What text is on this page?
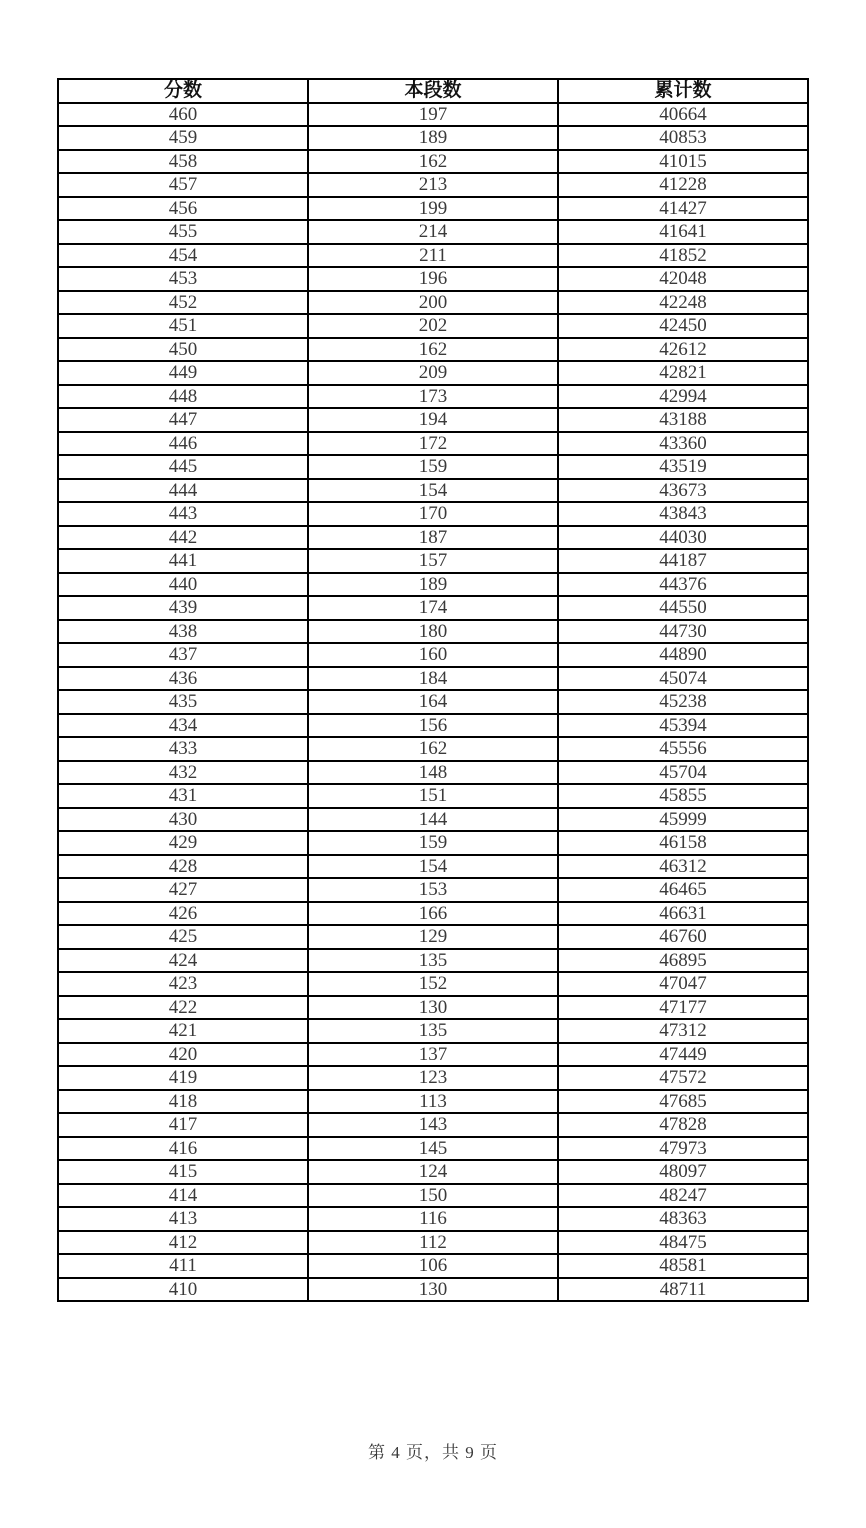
分数	本段数	累计数
460	197	40664
459	189	40853
458	162	41015
457	213	41228
456	199	41427
455	214	41641
454	211	41852
453	196	42048
452	200	42248
451	202	42450
450	162	42612
449	209	42821
448	173	42994
447	194	43188
446	172	43360
445	159	43519
444	154	43673
443	170	43843
442	187	44030
441	157	44187
440	189	44376
439	174	44550
438	180	44730
437	160	44890
436	184	45074
435	164	45238
434	156	45394
433	162	45556
432	148	45704
431	151	45855
430	144	45999
429	159	46158
428	154	46312
427	153	46465
426	166	46631
425	129	46760
424	135	46895
423	152	47047
422	130	47177
421	135	47312
420	137	47449
419	123	47572
418	113	47685
417	143	47828
416	145	47973
415	124	48097
414	150	48247
413	116	48363
412	112	48475
411	106	48581
410	130	48711
第 4 页，共 9 页
